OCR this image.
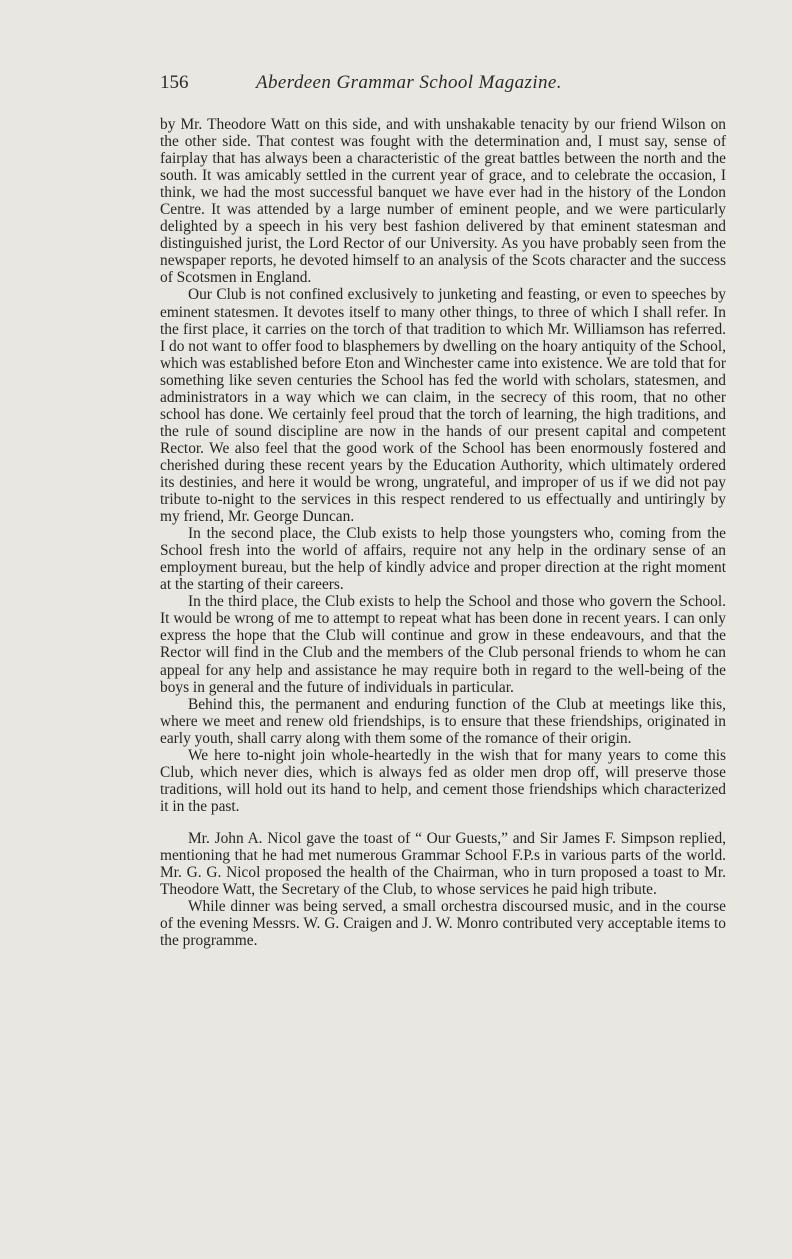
156	Aberdeen Grammar School Magazine.

by Mr. Theodore Watt on this side, and with unshakable tenacity by our friend Wilson on the other side. That contest was fought with the determination and, I must say, sense of fairplay that has always been a characteristic of the great battles between the north and the south. It was amicably settled in the current year of grace, and to celebrate the occasion, I think, we had the most successful banquet we have ever had in the history of the London Centre. It was attended by a large number of eminent people, and we were particularly delighted by a speech in his very best fashion delivered by that eminent statesman and distinguished jurist, the Lord Rector of our University. As you have probably seen from the newspaper reports, he devoted himself to an analysis of the Scots character and the success of Scotsmen in England.

Our Club is not confined exclusively to junketing and feasting, or even to speeches by eminent statesmen. It devotes itself to many other things, to three of which I shall refer. In the first place, it carries on the torch of that tradition to which Mr. Williamson has referred. I do not want to offer food to blasphemers by dwelling on the hoary antiquity of the School, which was established before Eton and Winchester came into existence. We are told that for something like seven centuries the School has fed the world with scholars, statesmen, and administrators in a way which we can claim, in the secrecy of this room, that no other school has done. We certainly feel proud that the torch of learning, the high traditions, and the rule of sound discipline are now in the hands of our present capital and competent Rector. We also feel that the good work of the School has been enormously fostered and cherished during these recent years by the Education Authority, which ultimately ordered its destinies, and here it would be wrong, ungrateful, and improper of us if we did not pay tribute to-night to the services in this respect rendered to us effectually and untiringly by my friend, Mr. George Duncan.

In the second place, the Club exists to help those youngsters who, coming from the School fresh into the world of affairs, require not any help in the ordinary sense of an employment bureau, but the help of kindly advice and proper direction at the right moment at the starting of their careers.

In the third place, the Club exists to help the School and those who govern the School. It would be wrong of me to attempt to repeat what has been done in recent years. I can only express the hope that the Club will continue and grow in these endeavours, and that the Rector will find in the Club and the members of the Club personal friends to whom he can appeal for any help and assistance he may require both in regard to the well-being of the boys in general and the future of individuals in particular.

Behind this, the permanent and enduring function of the Club at meetings like this, where we meet and renew old friendships, is to ensure that these friendships, originated in early youth, shall carry along with them some of the romance of their origin.

We here to-night join whole-heartedly in the wish that for many years to come this Club, which never dies, which is always fed as older men drop off, will preserve those traditions, will hold out its hand to help, and cement those friendships which characterized it in the past.

Mr. John A. Nicol gave the toast of “ Our Guests,” and Sir James F. Simpson replied, mentioning that he had met numerous Grammar School F.P.s in various parts of the world. Mr. G. G. Nicol proposed the health of the Chairman, who in turn proposed a toast to Mr. Theodore Watt, the Secretary of the Club, to whose services he paid high tribute.

While dinner was being served, a small orchestra discoursed music, and in the course of the evening Messrs. W. G. Craigen and J. W. Monro contributed very acceptable items to the programme.
